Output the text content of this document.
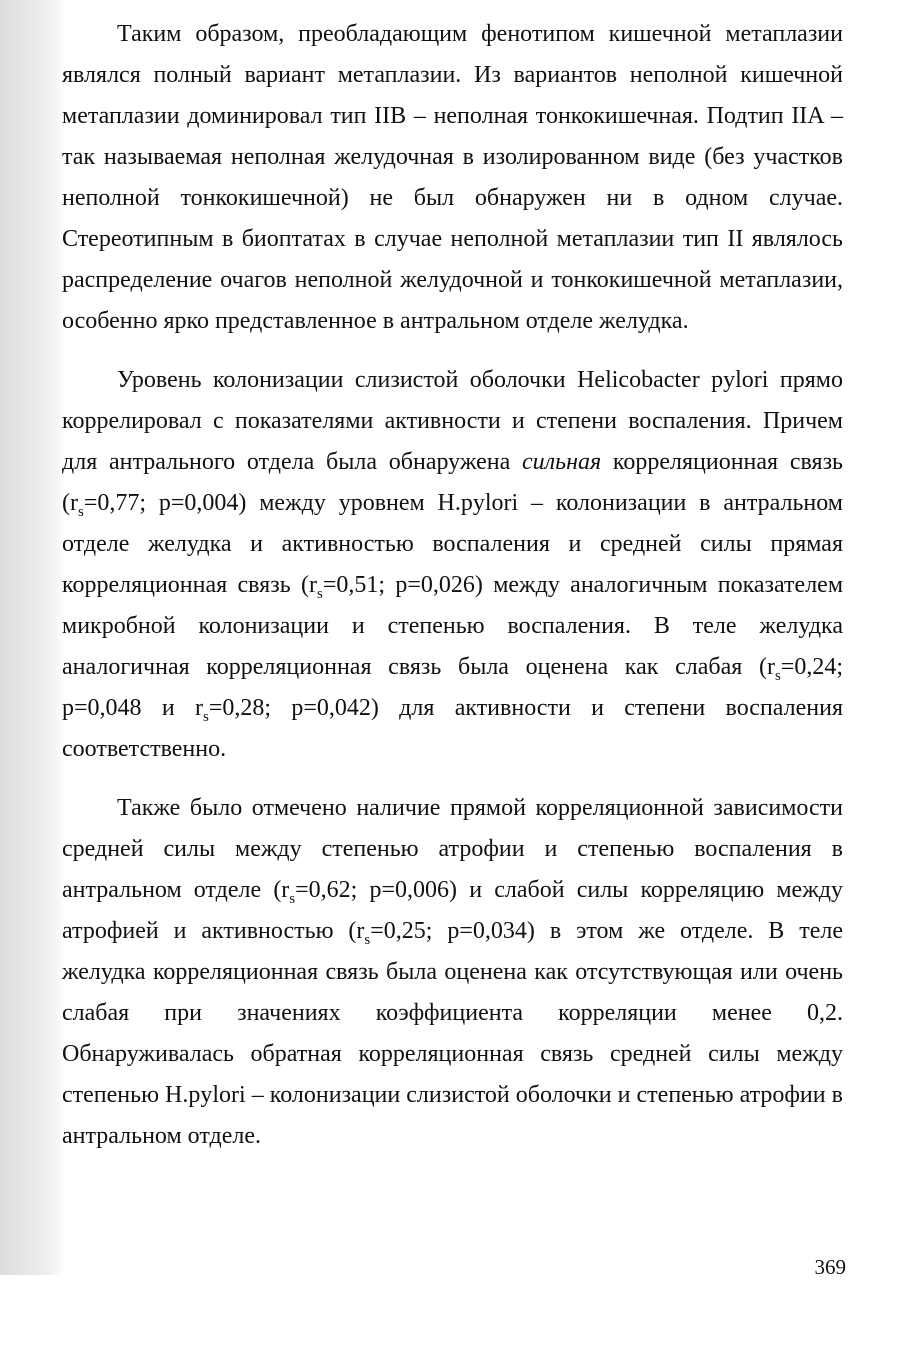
Таким образом, преобладающим фенотипом кишечной метаплазии являлся полный вариант метаплазии. Из вариантов неполной кишечной метаплазии доминировал тип IIB – неполная тонкокишечная. Подтип IIA – так называемая неполная желудочная в изолированном виде (без участков неполной тонкокишечной) не был обнаружен ни в одном случае. Стереотипным в биоптатах в случае неполной метаплазии тип II являлось распределение очагов неполной желудочной и тонкокишечной метаплазии, особенно ярко представленное в антральном отделе желудка.

Уровень колонизации слизистой оболочки Helicobacter pylori прямо коррелировал с показателями активности и степени воспаления. Причем для антрального отдела была обнаружена сильная корреляционная связь ($r_s=0,77$; p=0,004) между уровнем H.pylori – колонизации в антральном отделе желудка и активностью воспаления и средней силы прямая корреляционная связь ($r_s=0,51$; p=0,026) между аналогичным показателем микробной колонизации и степенью воспаления. В теле желудка аналогичная корреляционная связь была оценена как слабая ($r_s=0,24$; p=0,048 и $r_s=0,28$; p=0,042) для активности и степени воспаления соответственно.

Также было отмечено наличие прямой корреляционной зависимости средней силы между степенью атрофии и степенью воспаления в антральном отделе ($r_s=0,62$; p=0,006) и слабой силы корреляцию между атрофией и активностью ($r_s=0,25$; p=0,034) в этом же отделе. В теле желудка корреляционная связь была оценена как отсутствующая или очень слабая при значениях коэффициента корреляции менее 0,2. Обнаруживалась обратная корреляционная связь средней силы между степенью H.pylori – колонизации слизистой оболочки и степенью атрофии в антральном отделе.

369
